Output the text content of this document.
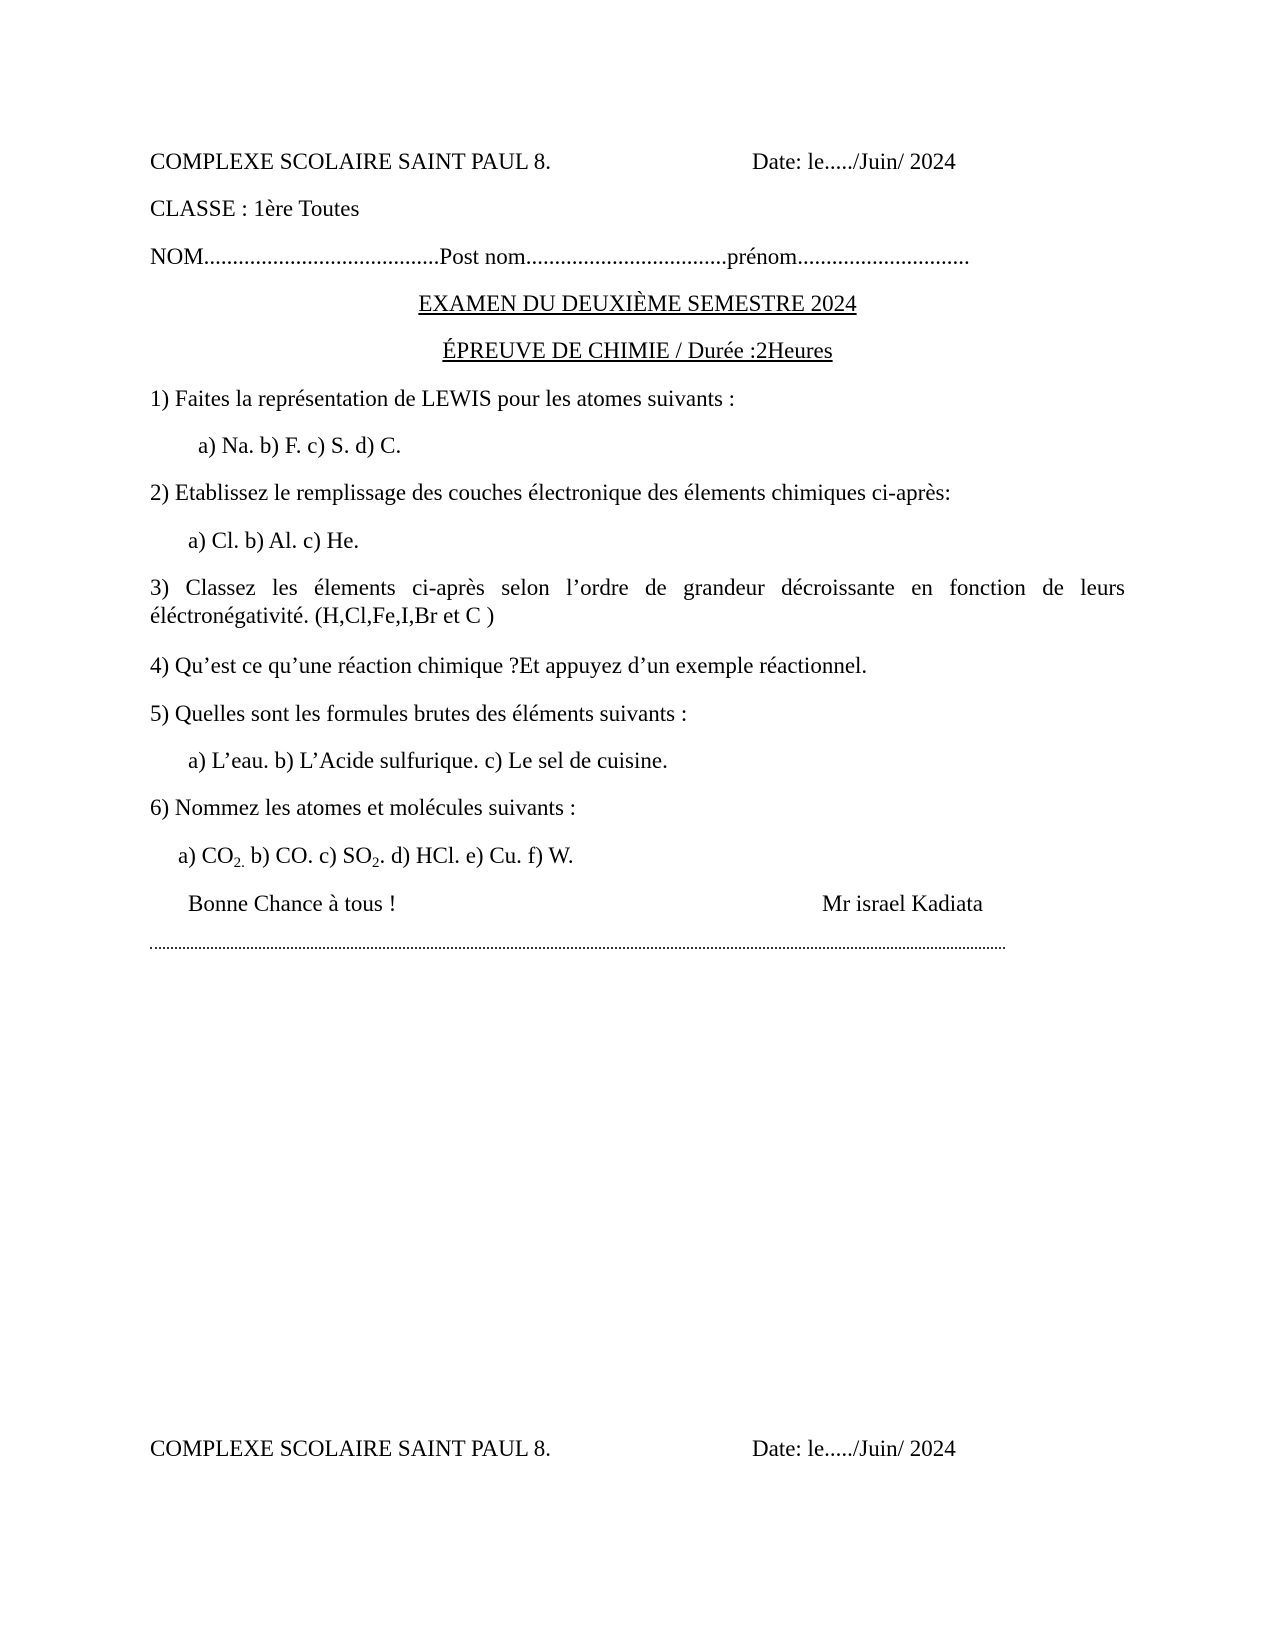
COMPLEXE SCOLAIRE SAINT PAUL 8.	Date: le...../Juin/ 2024
CLASSE : 1ère Toutes
NOM.........................................Post nom...................................prénom..............................
EXAMEN DU DEUXIÈME SEMESTRE 2024
ÉPREUVE DE CHIMIE / Durée :2Heures
1) Faites la représentation de LEWIS pour les atomes suivants :
a) Na. b) F. c) S. d) C.
2) Etablissez le remplissage des couches électronique des élements chimiques ci-après:
a) Cl. b) Al. c) He.
3) Classez les élements ci-après selon l’ordre de grandeur décroissante en fonction de leurs éléctronégativité. (H,Cl,Fe,I,Br et C )
4) Qu’est ce qu’une réaction chimique ?Et appuyez d’un exemple réactionnel.
5) Quelles sont les formules brutes des éléments suivants :
a) L’eau. b) L’Acide sulfurique. c) Le sel de cuisine.
6) Nommez les atomes et molécules suivants :
a) $CO_{2.}$ b) CO. c) $SO_2$. d) HCl. e) Cu. f) W.
Bonne Chance à tous !	Mr israel Kadiata
COMPLEXE SCOLAIRE SAINT PAUL 8.	Date: le...../Juin/ 2024
